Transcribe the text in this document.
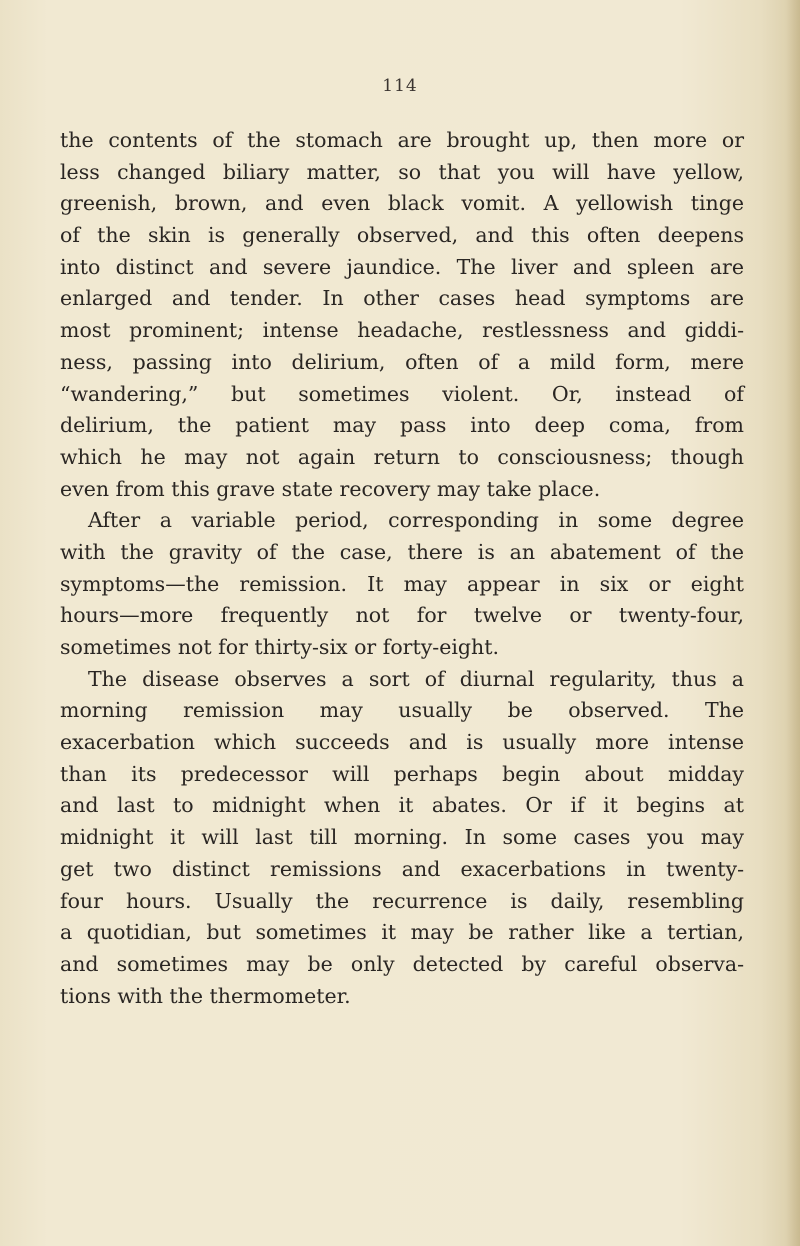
114
the contents of the stomach are brought up, then more or
less changed biliary matter, so that you will have yellow,
greenish, brown, and even black vomit. A yellowish tinge
of the skin is generally observed, and this often deepens
into distinct and severe jaundice. The liver and spleen are
enlarged and tender. In other cases head symptoms are
most prominent; intense headache, restlessness and giddi-
ness, passing into delirium, often of a mild form, mere
“wandering,” but sometimes violent. Or, instead of
delirium, the patient may pass into deep coma, from
which he may not again return to consciousness; though
even from this grave state recovery may take place.
After a variable period, corresponding in some degree
with the gravity of the case, there is an abatement of the
symptoms—the remission. It may appear in six or eight
hours—more frequently not for twelve or twenty-four,
sometimes not for thirty-six or forty-eight.
The disease observes a sort of diurnal regularity, thus a
morning remission may usually be observed. The
exacerbation which succeeds and is usually more intense
than its predecessor will perhaps begin about midday
and last to midnight when it abates. Or if it begins at
midnight it will last till morning. In some cases you may
get two distinct remissions and exacerbations in twenty-
four hours. Usually the recurrence is daily, resembling
a quotidian, but sometimes it may be rather like a tertian,
and sometimes may be only detected by careful observa-
tions with the thermometer.
